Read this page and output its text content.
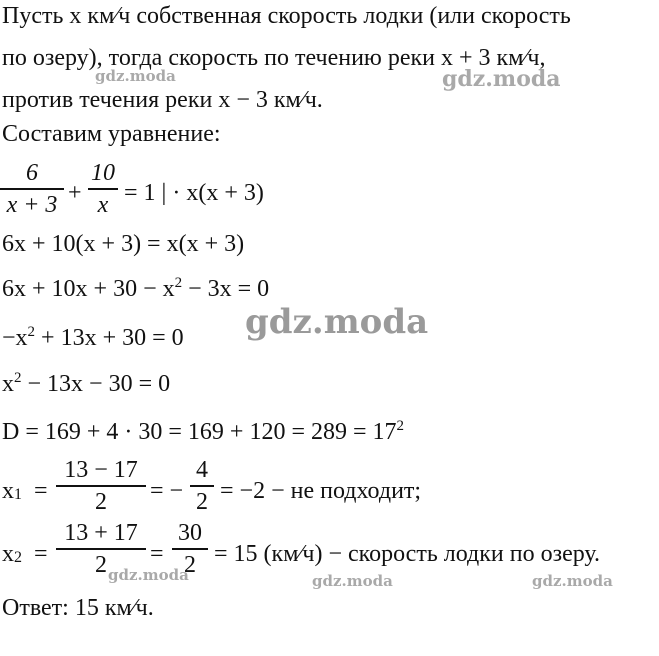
Пусть x км⁄ч собственная скорость лодки (или скорость
по озеру), тогда скорость по течению реки x + 3 км⁄ч,
против течения реки x − 3 км⁄ч.
Составим уравнение:
6
x + 3 +
10
x = 1 | · x(x + 3)
6x + 10(x + 3) = x(x + 3)
$6x + 10x + 30 - x^2 - 3x = 0$
$-x^2 + 13x + 30 = 0$
$x^2 - 13x - 30 = 0$
$D = 169 + 4 \cdot 30 = 169 + 120 = 289 = 17^2$
$x_1$ =
13 − 17
2	= −
4
2 = −2 − не подходит;
$x_2$ =
13 + 17
2	=
30
2 = 15 (км⁄ч) − скорость лодки по озеру.
Ответ: 15 км⁄ч.
gdz.moda	gdz.moda
gdz.moda
gdz.moda	gdz.moda	gdz.moda
